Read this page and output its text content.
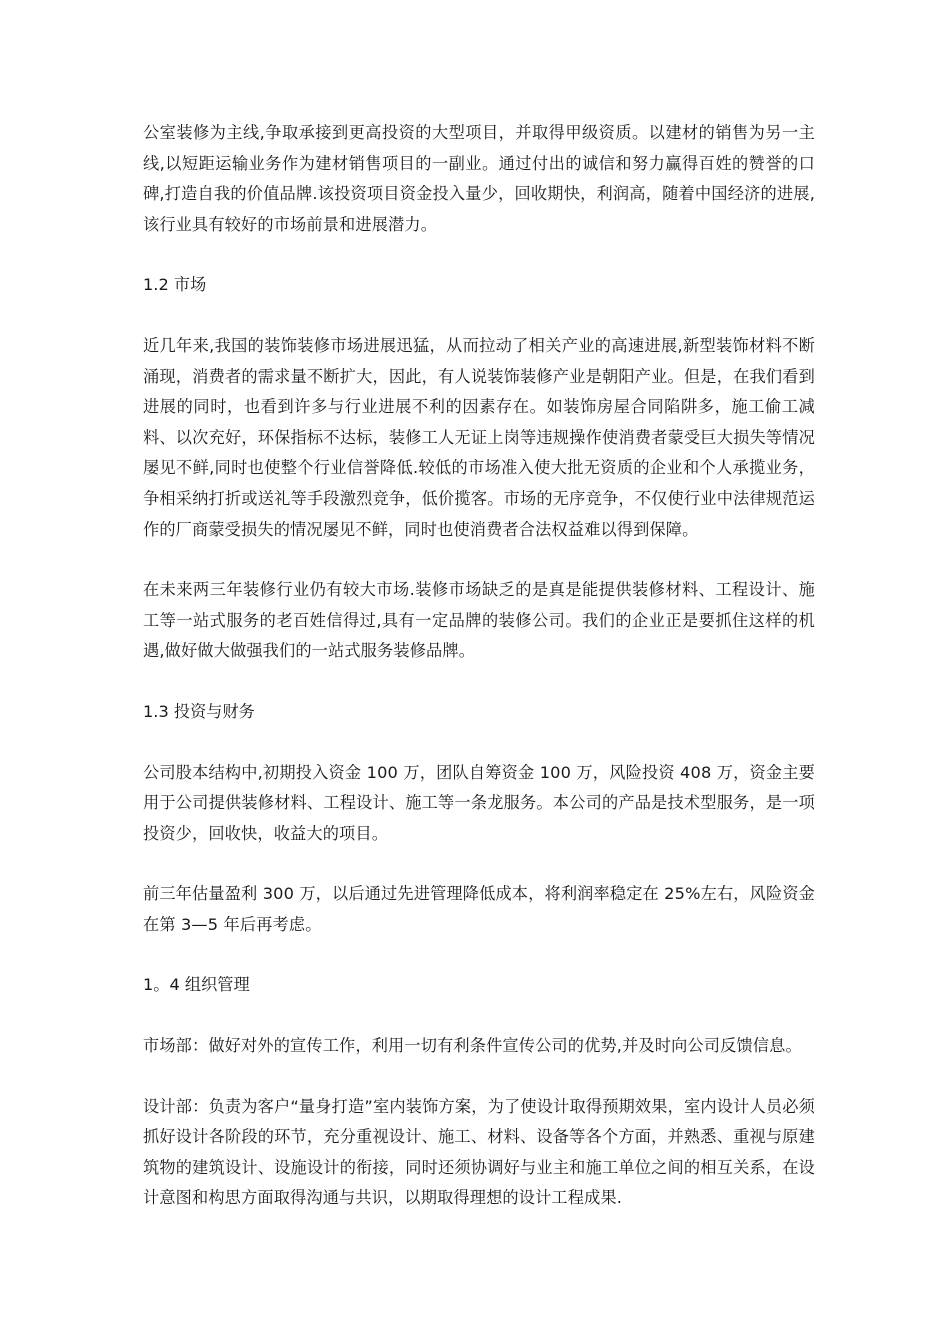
公室装修为主线,争取承接到更高投资的大型项目，并取得甲级资质。以建材的销售为另一主线,以短距运输业务作为建材销售项目的一副业。通过付出的诚信和努力赢得百姓的赞誉的口碑,打造自我的价值品牌.该投资项目资金投入量少，回收期快，利润高，随着中国经济的进展,该行业具有较好的市场前景和进展潜力。

1.2 市场

近几年来,我国的装饰装修市场进展迅猛，从而拉动了相关产业的高速进展,新型装饰材料不断涌现，消费者的需求量不断扩大，因此，有人说装饰装修产业是朝阳产业。但是，在我们看到进展的同时，也看到许多与行业进展不利的因素存在。如装饰房屋合同陷阱多，施工偷工减料、以次充好，环保指标不达标，装修工人无证上岗等违规操作使消费者蒙受巨大损失等情况屡见不鲜,同时也使整个行业信誉降低.较低的市场准入使大批无资质的企业和个人承揽业务，争相采纳打折或送礼等手段激烈竞争，低价揽客。市场的无序竞争，不仅使行业中法律规范运作的厂商蒙受损失的情况屡见不鲜，同时也使消费者合法权益难以得到保障。

在未来两三年装修行业仍有较大市场.装修市场缺乏的是真是能提供装修材料、工程设计、施工等一站式服务的老百姓信得过,具有一定品牌的装修公司。我们的企业正是要抓住这样的机遇,做好做大做强我们的一站式服务装修品牌。

1.3 投资与财务

公司股本结构中,初期投入资金 100 万，团队自筹资金 100 万，风险投资 408 万，资金主要用于公司提供装修材料、工程设计、施工等一条龙服务。本公司的产品是技术型服务，是一项投资少，回收快，收益大的项目。

前三年估量盈利 300 万，以后通过先进管理降低成本，将利润率稳定在 25%左右，风险资金在第 3—5 年后再考虑。

1。4 组织管理

市场部：做好对外的宣传工作，利用一切有利条件宣传公司的优势,并及时向公司反馈信息。

设计部：负责为客户“量身打造”室内装饰方案，为了使设计取得预期效果，室内设计人员必须抓好设计各阶段的环节，充分重视设计、施工、材料、设备等各个方面，并熟悉、重视与原建筑物的建筑设计、设施设计的衔接，同时还须协调好与业主和施工单位之间的相互关系，在设计意图和构思方面取得沟通与共识，以期取得理想的设计工程成果.
